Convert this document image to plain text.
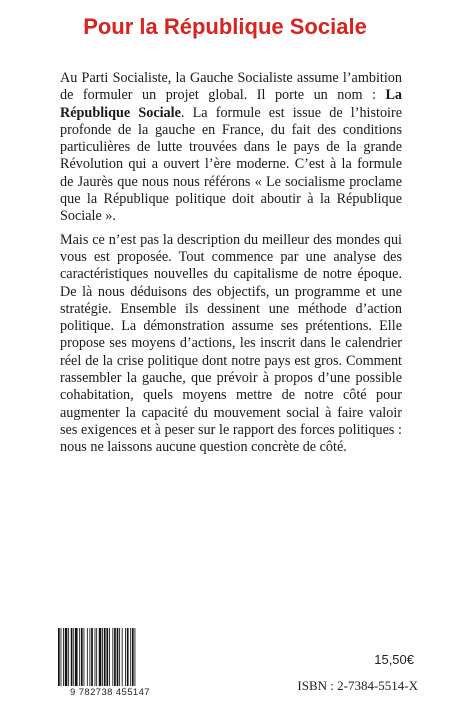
Pour la République Sociale

Au Parti Socialiste, la Gauche Socialiste assume l’ambition de formuler un projet global. Il porte un nom : La République Sociale. La formule est issue de l’histoire profonde de la gauche en France, du fait des conditions particulières de lutte trouvées dans le pays de la grande Révolution qui a ouvert l’ère moderne. C’est à la formule de Jaurès que nous nous référons « Le socialisme proclame que la République politique doit aboutir à la République Sociale ».

Mais ce n’est pas la description du meilleur des mondes qui vous est proposée. Tout commence par une analyse des caractéristiques nouvelles du capitalisme de notre époque. De là nous déduisons des objectifs, un programme et une stratégie. Ensemble ils dessinent une méthode d’action politique. La démonstration assume ses prétentions. Elle propose ses moyens d’actions, les inscrit dans le calendrier réel de la crise politique dont notre pays est gros. Comment rassembler la gauche, que prévoir à propos d’une possible cohabitation, quels moyens mettre de notre côté pour augmenter la capacité du mouvement social à faire valoir ses exigences et à peser sur le rapport des forces politiques : nous ne laissons aucune question concrète de côté.

9 782738 455147
15,50€
ISBN : 2-7384-5514-X
